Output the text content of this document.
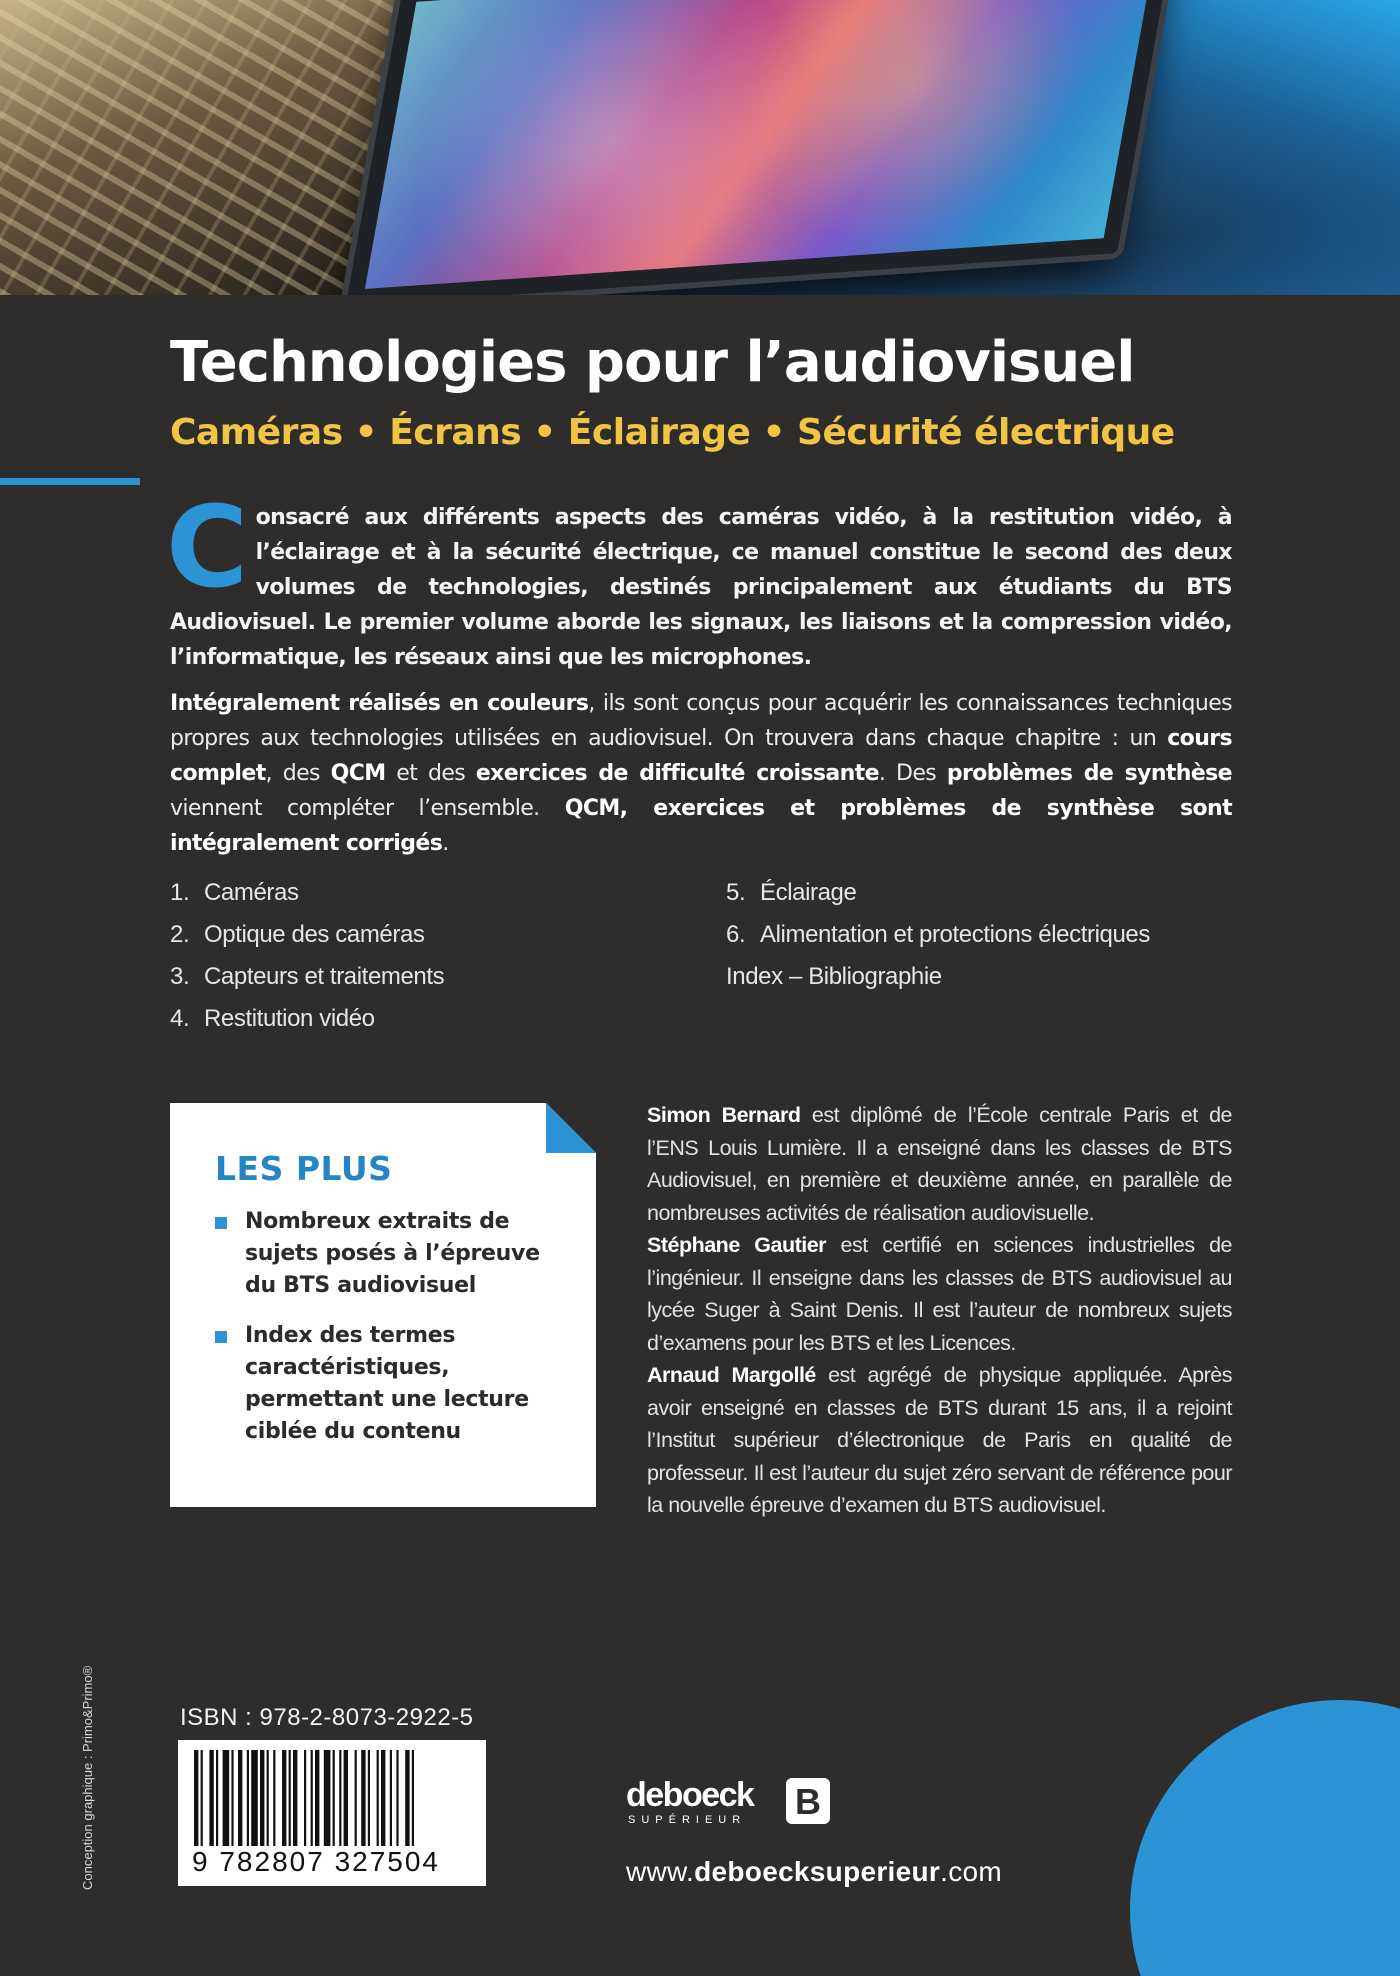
Technologies pour l’audiovisuel
Caméras • Écrans • Éclairage • Sécurité électrique
C onsacré aux différents aspects des caméras vidéo, à la restitution vidéo, à l’éclairage et à la sécurité électrique, ce manuel constitue le second des deux volumes de technologies, destinés principalement aux étudiants du BTS Audiovisuel. Le premier volume aborde les signaux, les liaisons et la compression vidéo, l’informatique, les réseaux ainsi que les microphones.
Intégralement réalisés en couleurs, ils sont conçus pour acquérir les connaissances techniques propres aux technologies utilisées en audiovisuel. On trouvera dans chaque chapitre : un cours complet, des QCM et des exercices de difficulté croissante. Des problèmes de synthèse viennent compléter l’ensemble. QCM, exercices et problèmes de synthèse sont intégralement corrigés.
1. Caméras
2. Optique des caméras
3. Capteurs et traitements
4. Restitution vidéo
5. Éclairage
6. Alimentation et protections électriques
Index – Bibliographie
LES PLUS
Nombreux extraits de sujets posés à l’épreuve du BTS audiovisuel
Index des termes caractéristiques, permettant une lecture ciblée du contenu

Simon Bernard est diplômé de l’École centrale Paris et de l’ENS Louis Lumière. Il a enseigné dans les classes de BTS Audiovisuel, en première et deuxième année, en parallèle de nombreuses activités de réalisation audiovisuelle.

Stéphane Gautier est certifié en sciences industrielles de l’ingénieur. Il enseigne dans les classes de BTS audiovisuel au lycée Suger à Saint Denis. Il est l’auteur de nombreux sujets d’examens pour les BTS et les Licences.

Arnaud Margollé est agrégé de physique appliquée. Après avoir enseigné en classes de BTS durant 15 ans, il a rejoint l’Institut supérieur d’électronique de Paris en qualité de professeur. Il est l’auteur du sujet zéro servant de référence pour la nouvelle épreuve d’examen du BTS audiovisuel.

Conception graphique : Primo&Primo®	ISBN : 978-2-8073-2922-5
9 782807 327504
deboeck
SUPÉRIEUR B
www.deboecksuperieur.com
